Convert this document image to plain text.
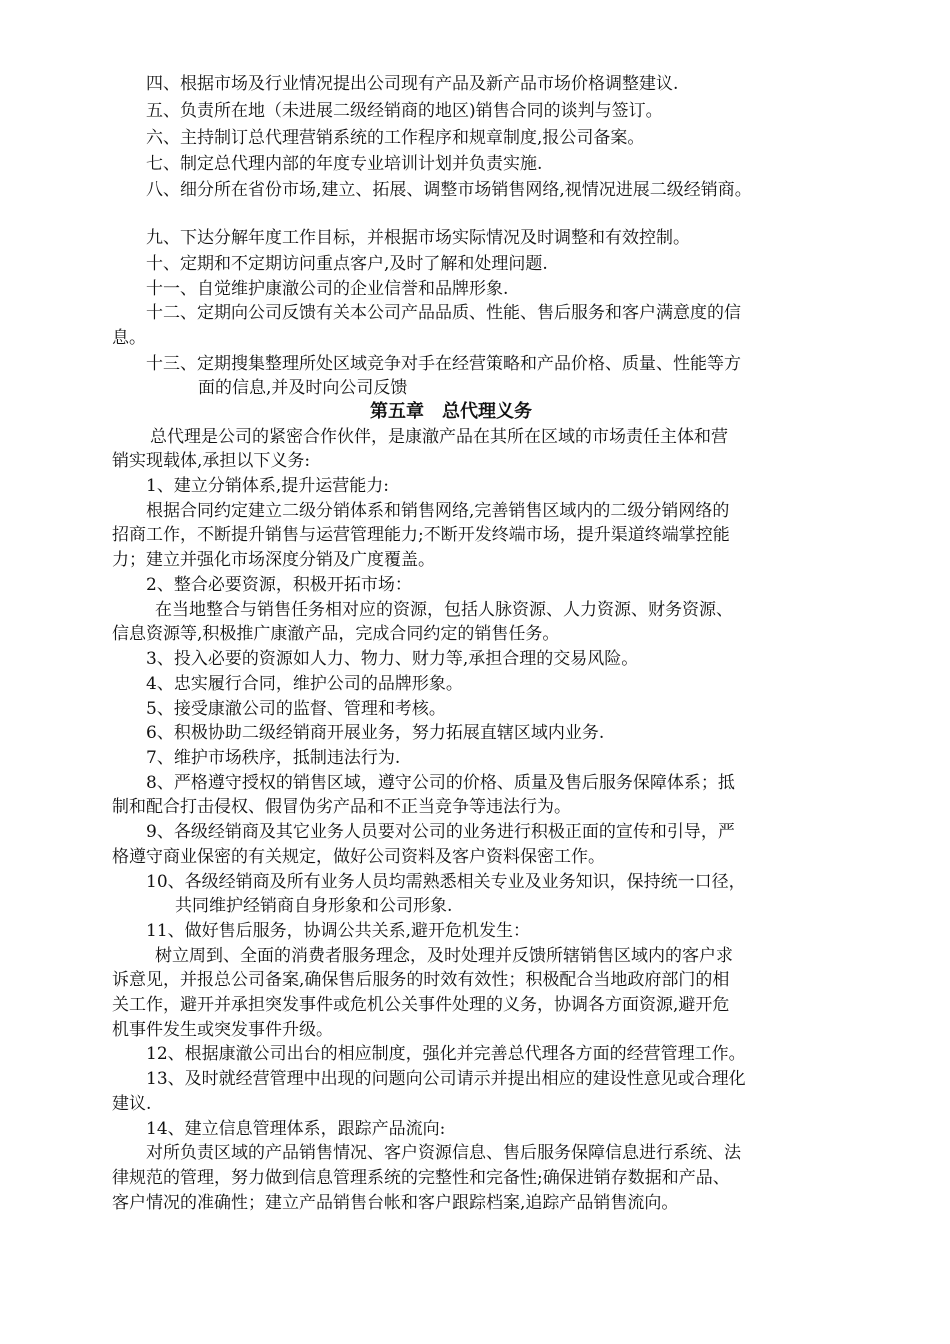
四、根据市场及行业情况提出公司现有产品及新产品市场价格调整建议.
五、负责所在地（未进展二级经销商的地区)销售合同的谈判与签订。
六、主持制订总代理营销系统的工作程序和规章制度,报公司备案。
七、制定总代理内部的年度专业培训计划并负责实施.
八、细分所在省份市场,建立、拓展、调整市场销售网络,视情况进展二级经销商。
九、下达分解年度工作目标，并根据市场实际情况及时调整和有效控制。
十、定期和不定期访问重点客户,及时了解和处理问题.
十一、自觉维护康澈公司的企业信誉和品牌形象.
十二、定期向公司反馈有关本公司产品品质、性能、售后服务和客户满意度的信
息。
十三、定期搜集整理所处区域竞争对手在经营策略和产品价格、质量、性能等方
面的信息,并及时向公司反馈
第五章　总代理义务
总代理是公司的紧密合作伙伴，是康澈产品在其所在区域的市场责任主体和营
销实现载体,承担以下义务:
1、建立分销体系,提升运营能力:
根据合同约定建立二级分销体系和销售网络,完善销售区域内的二级分销网络的
招商工作，不断提升销售与运营管理能力;不断开发终端市场，提升渠道终端掌控能
力；建立并强化市场深度分销及广度覆盖。
2、整合必要资源，积极开拓市场：
在当地整合与销售任务相对应的资源，包括人脉资源、人力资源、财务资源、
信息资源等,积极推广康澈产品，完成合同约定的销售任务。
3、投入必要的资源如人力、物力、财力等,承担合理的交易风险。
4、忠实履行合同，维护公司的品牌形象。
5、接受康澈公司的监督、管理和考核。
6、积极协助二级经销商开展业务，努力拓展直辖区域内业务.
7、维护市场秩序，抵制违法行为.
8、严格遵守授权的销售区域，遵守公司的价格、质量及售后服务保障体系；抵
制和配合打击侵权、假冒伪劣产品和不正当竞争等违法行为。
9、各级经销商及其它业务人员要对公司的业务进行积极正面的宣传和引导，严
格遵守商业保密的有关规定，做好公司资料及客户资料保密工作。
10、各级经销商及所有业务人员均需熟悉相关专业及业务知识，保持统一口径，
共同维护经销商自身形象和公司形象.
11、做好售后服务，协调公共关系,避开危机发生：
树立周到、全面的消费者服务理念，及时处理并反馈所辖销售区域内的客户求
诉意见，并报总公司备案,确保售后服务的时效有效性；积极配合当地政府部门的相
关工作，避开并承担突发事件或危机公关事件处理的义务，协调各方面资源,避开危
机事件发生或突发事件升级。
12、根据康澈公司出台的相应制度，强化并完善总代理各方面的经营管理工作。
13、及时就经营管理中出现的问题向公司请示并提出相应的建设性意见或合理化
建议.
14、建立信息管理体系，跟踪产品流向:
对所负责区域的产品销售情况、客户资源信息、售后服务保障信息进行系统、法
律规范的管理，努力做到信息管理系统的完整性和完备性;确保进销存数据和产品、
客户情况的准确性；建立产品销售台帐和客户跟踪档案,追踪产品销售流向。
